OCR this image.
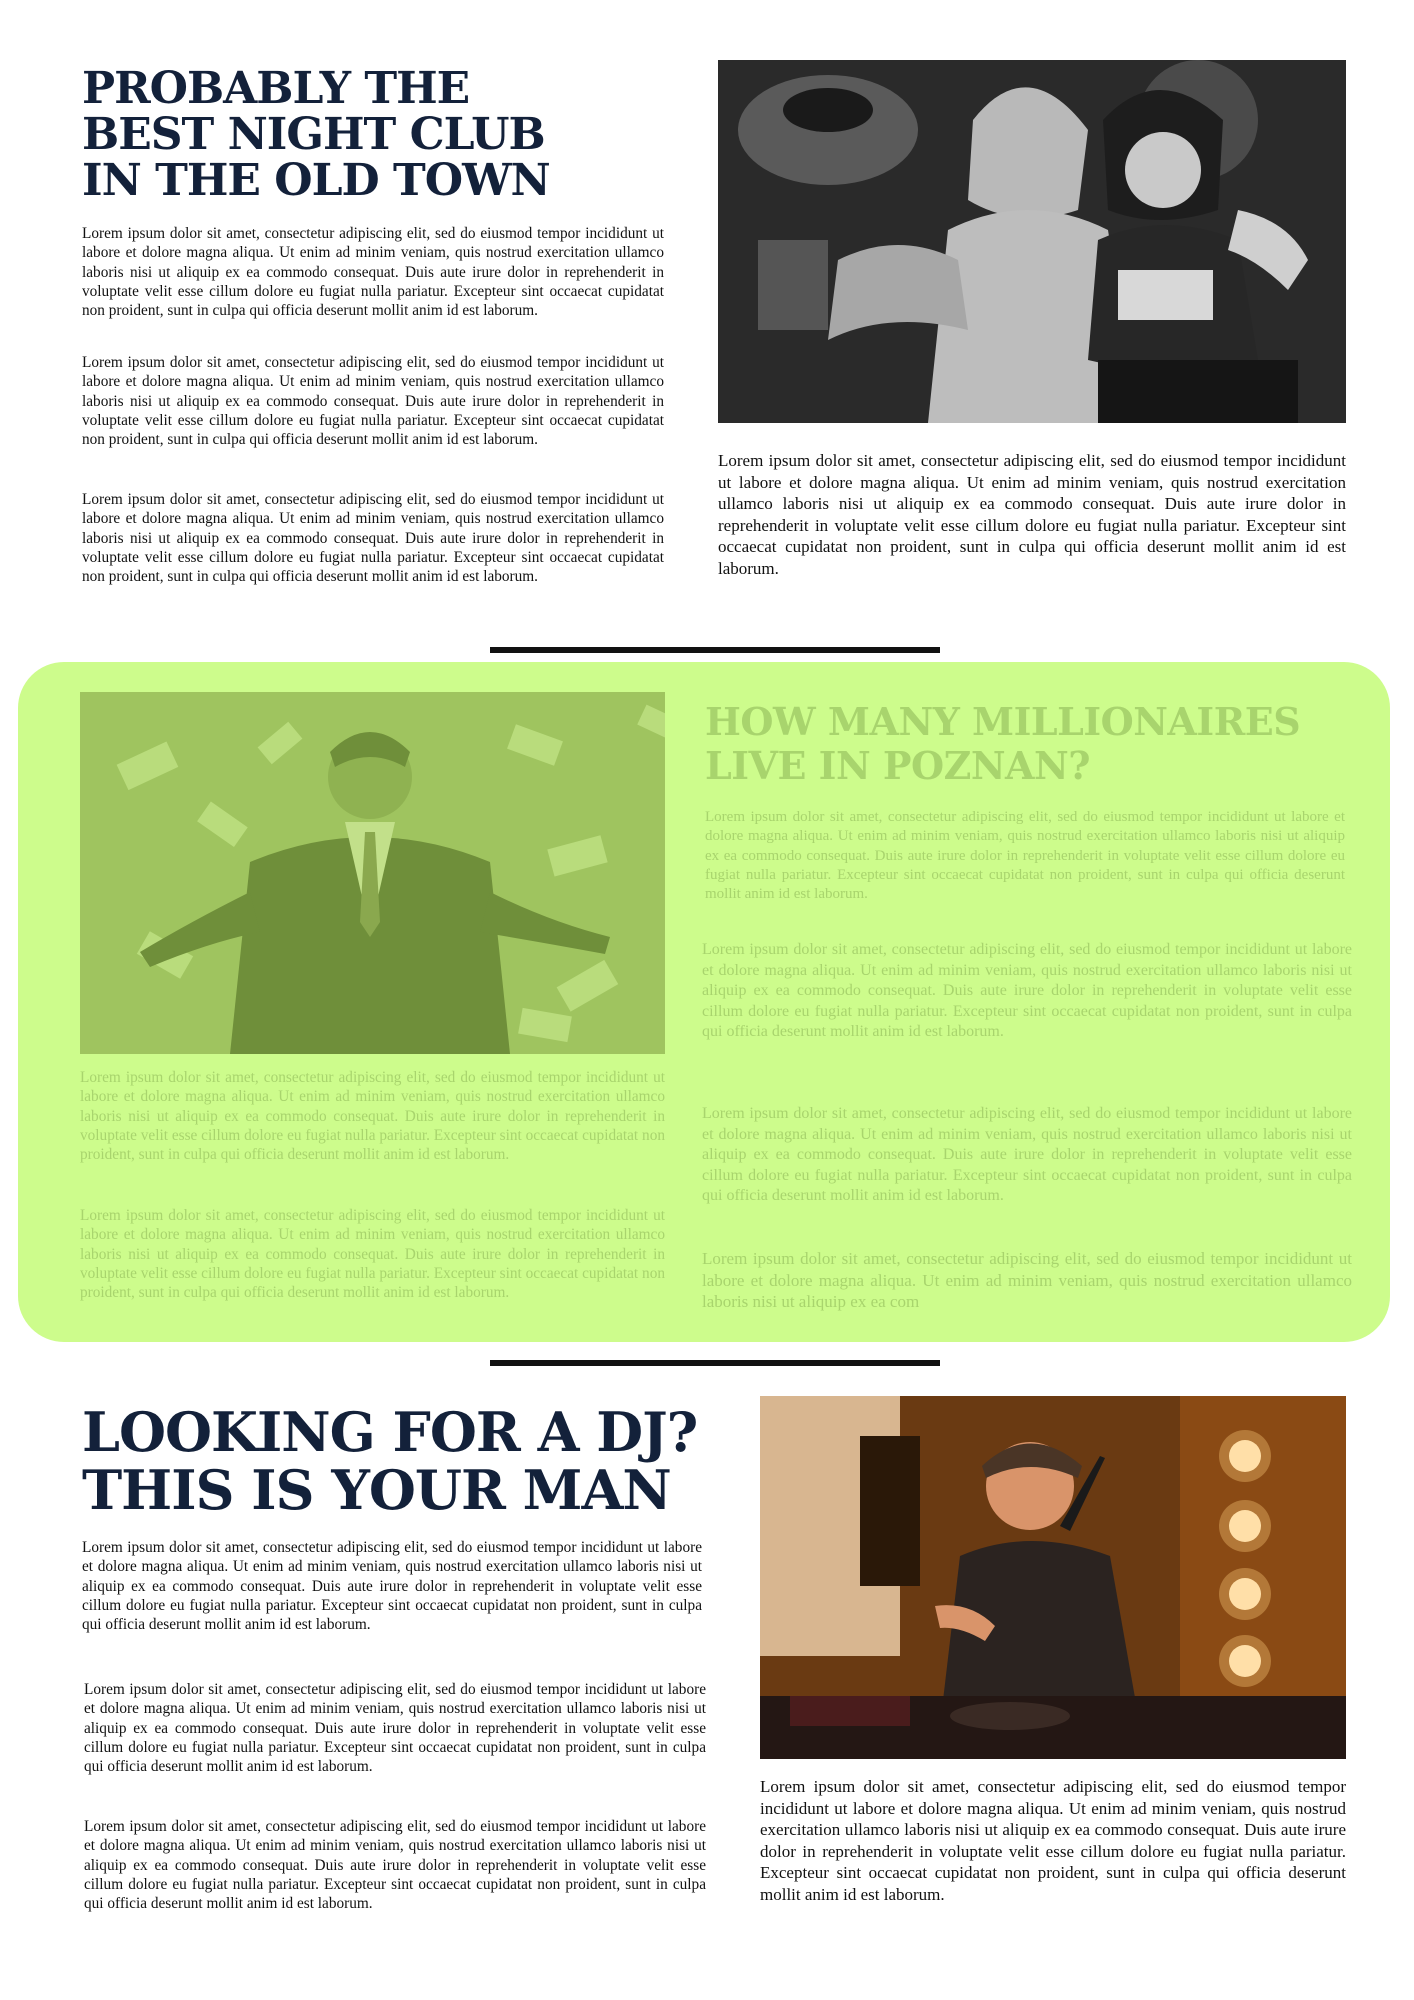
PROBABLY THE BEST NIGHT CLUB IN THE OLD TOWN

Lorem ipsum dolor sit amet, consectetur adipiscing elit, sed do eiusmod tempor incididunt ut labore et dolore magna aliqua. Ut enim ad minim veniam, quis nostrud exercitation ullamco laboris nisi ut aliquip ex ea commodo consequat. Duis aute irure dolor in reprehenderit in voluptate velit esse cillum dolore eu fugiat nulla pariatur. Excepteur sint occaecat cupidatat non proident, sunt in culpa qui officia deserunt mollit anim id est laborum.

Lorem ipsum dolor sit amet, consectetur adipiscing elit, sed do eiusmod tempor incididunt ut labore et dolore magna aliqua. Ut enim ad minim veniam, quis nostrud exercitation ullamco laboris nisi ut aliquip ex ea commodo consequat. Duis aute irure dolor in reprehenderit in voluptate velit esse cillum dolore eu fugiat nulla pariatur. Excepteur sint occaecat cupidatat non proident, sunt in culpa qui officia deserunt mollit anim id est laborum.

Lorem ipsum dolor sit amet, consectetur adipiscing elit, sed do eiusmod tempor incididunt ut labore et dolore magna aliqua. Ut enim ad minim veniam, quis nostrud exercitation ullamco laboris nisi ut aliquip ex ea commodo consequat. Duis aute irure dolor in reprehenderit in voluptate velit esse cillum dolore eu fugiat nulla pariatur. Excepteur sint occaecat cupidatat non proident, sunt in culpa qui officia deserunt mollit anim id est laborum.

Lorem ipsum dolor sit amet, consectetur adipiscing elit, sed do eiusmod tempor incididunt ut labore et dolore magna aliqua. Ut enim ad minim veniam, quis nostrud exercitation ullamco laboris nisi ut aliquip ex ea commodo consequat. Duis aute irure dolor in reprehenderit in voluptate velit esse cillum dolore eu fugiat nulla pariatur. Excepteur sint occaecat cupidatat non proident, sunt in culpa qui officia deserunt mollit anim id est laborum.

HOW MANY MILLIONAIRES LIVE IN POZNAN?

Lorem ipsum dolor sit amet, consectetur adipiscing elit, sed do eiusmod tempor incididunt ut labore et dolore magna aliqua. Ut enim ad minim veniam, quis nostrud exercitation ullamco laboris nisi ut aliquip ex ea commodo consequat. Duis aute irure dolor in reprehenderit in voluptate velit esse cillum dolore eu fugiat nulla pariatur. Excepteur sint occaecat cupidatat non proident, sunt in culpa qui officia deserunt mollit anim id est laborum.

Lorem ipsum dolor sit amet, consectetur adipiscing elit, sed do eiusmod tempor incididunt ut labore et dolore magna aliqua. Ut enim ad minim veniam, quis nostrud exercitation ullamco laboris nisi ut aliquip ex ea commodo consequat. Duis aute irure dolor in reprehenderit in voluptate velit esse cillum dolore eu fugiat nulla pariatur. Excepteur sint occaecat cupidatat non proident, sunt in culpa qui officia deserunt mollit anim id est laborum.

Lorem ipsum dolor sit amet, consectetur adipiscing elit, sed do eiusmod tempor incididunt ut labore et dolore magna aliqua. Ut enim ad minim veniam, quis nostrud exercitation ullamco laboris nisi ut aliquip ex ea commodo consequat. Duis aute irure dolor in reprehenderit in voluptate velit esse cillum dolore eu fugiat nulla pariatur. Excepteur sint occaecat cupidatat non proident, sunt in culpa qui officia deserunt mollit anim id est laborum.

Lorem ipsum dolor sit amet, consectetur adipiscing elit, sed do eiusmod tempor incididunt ut labore et dolore magna aliqua. Ut enim ad minim veniam, quis nostrud exercitation ullamco laboris nisi ut aliquip ex ea com

Lorem ipsum dolor sit amet, consectetur adipiscing elit, sed do eiusmod tempor incididunt ut labore et dolore magna aliqua. Ut enim ad minim veniam, quis nostrud exercitation ullamco laboris nisi ut aliquip ex ea commodo consequat. Duis aute irure dolor in reprehenderit in voluptate velit esse cillum dolore eu fugiat nulla pariatur. Excepteur sint occaecat cupidatat non proident, sunt in culpa qui officia deserunt mollit anim id est laborum.

Lorem ipsum dolor sit amet, consectetur adipiscing elit, sed do eiusmod tempor incididunt ut labore et dolore magna aliqua. Ut enim ad minim veniam, quis nostrud exercitation ullamco laboris nisi ut aliquip ex ea commodo consequat. Duis aute irure dolor in reprehenderit in voluptate velit esse cillum dolore eu fugiat nulla pariatur. Excepteur sint occaecat cupidatat non proident, sunt in culpa qui officia deserunt mollit anim id est laborum.

LOOKING FOR A DJ?
THIS IS YOUR MAN

Lorem ipsum dolor sit amet, consectetur adipiscing elit, sed do eiusmod tempor incididunt ut labore et dolore magna aliqua. Ut enim ad minim veniam, quis nostrud exercitation ullamco laboris nisi ut aliquip ex ea commodo consequat. Duis aute irure dolor in reprehenderit in voluptate velit esse cillum dolore eu fugiat nulla pariatur. Excepteur sint occaecat cupidatat non proident, sunt in culpa qui officia deserunt mollit anim id est laborum.

Lorem ipsum dolor sit amet, consectetur adipiscing elit, sed do eiusmod tempor incididunt ut labore et dolore magna aliqua. Ut enim ad minim veniam, quis nostrud exercitation ullamco laboris nisi ut aliquip ex ea commodo consequat. Duis aute irure dolor in reprehenderit in voluptate velit esse cillum dolore eu fugiat nulla pariatur. Excepteur sint occaecat cupidatat non proident, sunt in culpa qui officia deserunt mollit anim id est laborum.

Lorem ipsum dolor sit amet, consectetur adipiscing elit, sed do eiusmod tempor incididunt ut labore et dolore magna aliqua. Ut enim ad minim veniam, quis nostrud exercitation ullamco laboris nisi ut aliquip ex ea commodo consequat. Duis aute irure dolor in reprehenderit in voluptate velit esse cillum dolore eu fugiat nulla pariatur. Excepteur sint occaecat cupidatat non proident, sunt in culpa qui officia deserunt mollit anim id est laborum.

Lorem ipsum dolor sit amet, consectetur adipiscing elit, sed do eiusmod tempor incididunt ut labore et dolore magna aliqua. Ut enim ad minim veniam, quis nostrud exercitation ullamco laboris nisi ut aliquip ex ea commodo consequat. Duis aute irure dolor in reprehenderit in voluptate velit esse cillum dolore eu fugiat nulla pariatur. Excepteur sint occaecat cupidatat non proident, sunt in culpa qui officia deserunt mollit anim id est laborum.
